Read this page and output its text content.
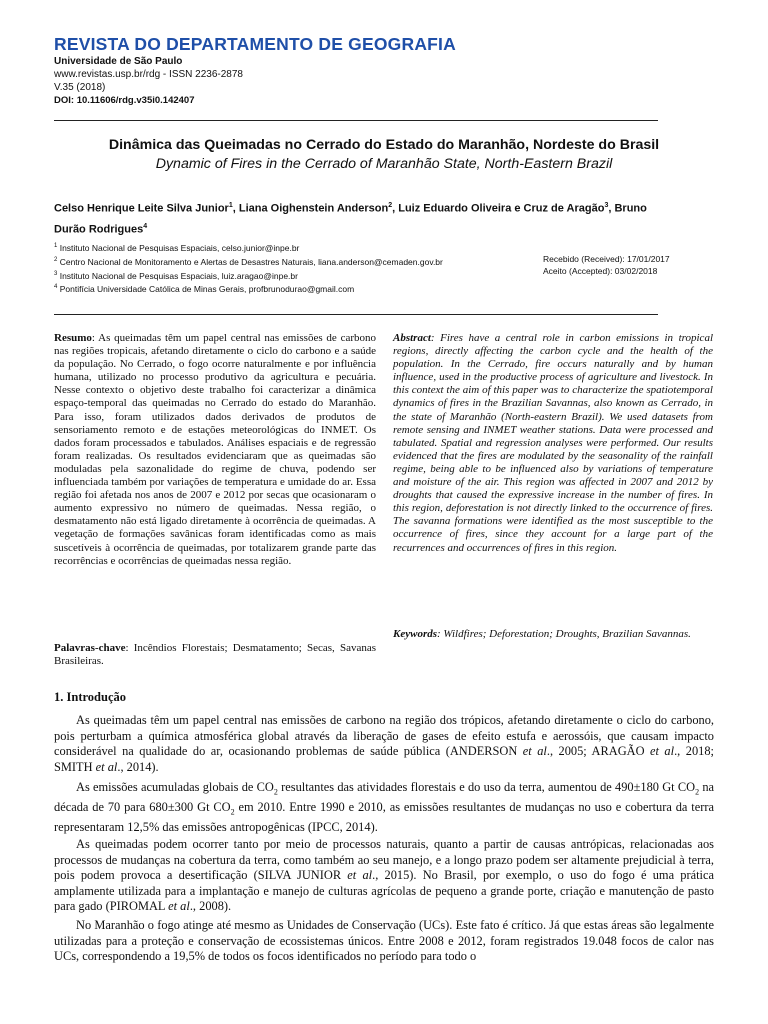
REVISTA DO DEPARTAMENTO DE GEOGRAFIA
Universidade de São Paulo
www.revistas.usp.br/rdg - ISSN 2236-2878
V.35 (2018)
DOI: 10.11606/rdg.v35i0.142407
Dinâmica das Queimadas no Cerrado do Estado do Maranhão, Nordeste do Brasil
Dynamic of Fires in the Cerrado of Maranhão State, North-Eastern Brazil
Celso Henrique Leite Silva Junior$^1$, Liana Oighenstein Anderson$^2$, Luiz Eduardo Oliveira e Cruz de Aragão$^3$, Bruno Durão Rodrigues$^4$
$^1$ Instituto Nacional de Pesquisas Espaciais, celso.junior@inpe.br
$^2$ Centro Nacional de Monitoramento e Alertas de Desastres Naturais, liana.anderson@cemaden.gov.br
$^3$ Instituto Nacional de Pesquisas Espaciais, luiz.aragao@inpe.br
$^4$ Pontifícia Universidade Católica de Minas Gerais, profbrunodurao@gmail.com
Recebido (Received): 17/01/2017
Aceito (Accepted): 03/02/2018

Resumo: As queimadas têm um papel central nas emissões de carbono nas regiões tropicais, afetando diretamente o ciclo do carbono e a saúde da população. No Cerrado, o fogo ocorre naturalmente e por influência humana, utilizado no processo produtivo da agricultura e pecuária. Nesse contexto o objetivo deste trabalho foi caracterizar a dinâmica espaço-temporal das queimadas no Cerrado do estado do Maranhão. Para isso, foram utilizados dados derivados de produtos de sensoriamento remoto e de estações meteorológicas do INMET. Os dados foram processados e tabulados. Análises espaciais e de regressão foram realizadas. Os resultados evidenciaram que as queimadas são moduladas pela sazonalidade do regime de chuva, podendo ser influenciada também por variações de temperatura e umidade do ar. Essa região foi afetada nos anos de 2007 e 2012 por secas que ocasionaram o aumento expressivo no número de queimadas. Nessa região, o desmatamento não está ligado diretamente à ocorrência de queimadas. A vegetação de formações savânicas foram identificadas como as mais suscetíveis à ocorrência de queimadas, por totalizarem grande parte das recorrências e ocorrências de queimadas nessa região.

Palavras-chave: Incêndios Florestais; Desmatamento; Secas, Savanas Brasileiras.

Abstract: Fires have a central role in carbon emissions in tropical regions, directly affecting the carbon cycle and the health of the population. In the Cerrado, fire occurs naturally and by human influence, used in the productive process of agriculture and livestock. In this context the aim of this paper was to characterize the spatiotemporal dynamics of fires in the Brazilian Savannas, also known as Cerrado, in the state of Maranhão (North-eastern Brazil). We used datasets from remote sensing and INMET weather stations. Data were processed and tabulated. Spatial and regression analyses were performed. Our results evidenced that the fires are modulated by the seasonality of the rainfall regime, being able to be influenced also by variations of temperature and moisture of the air. This region was affected in 2007 and 2012 by droughts that caused the expressive increase in the number of fires. In this region, deforestation is not directly linked to the occurrence of fires. The savanna formations were identified as the most susceptible to the occurrence of fires, since they account for a large part of the recurrences and occurrences of fires in this region.

Keywords: Wildfires; Deforestation; Droughts, Brazilian Savannas.
1. Introdução

As queimadas têm um papel central nas emissões de carbono na região dos trópicos, afetando diretamente o ciclo do carbono, pois perturbam a química atmosférica global através da liberação de gases de efeito estufa e aerossóis, que causam impacto considerável na qualidade do ar, ocasionando problemas de saúde pública (ANDERSON et al., 2005; ARAGÃO et al., 2018; SMITH et al., 2014).

As emissões acumuladas globais de $CO_2$ resultantes das atividades florestais e do uso da terra, aumentou de 490±180 Gt $CO_2$ na década de 70 para 680±300 Gt $CO_2$ em 2010. Entre 1990 e 2010, as emissões resultantes de mudanças no uso e cobertura da terra representaram 12,5% das emissões antropogênicas (IPCC, 2014).

As queimadas podem ocorrer tanto por meio de processos naturais, quanto a partir de causas antrópicas, relacionadas aos processos de mudanças na cobertura da terra, como também ao seu manejo, e a longo prazo podem ser altamente prejudicial à terra, pois podem provoca a desertificação (SILVA JUNIOR et al., 2015). No Brasil, por exemplo, o uso do fogo é uma prática amplamente utilizada para a implantação e manejo de culturas agrícolas de pequeno a grande porte, criação e manutenção de pasto para gado (PIROMAL et al., 2008).

No Maranhão o fogo atinge até mesmo as Unidades de Conservação (UCs). Este fato é crítico. Já que estas áreas são legalmente utilizadas para a proteção e conservação de ecossistemas únicos. Entre 2008 e 2012, foram registrados 19.048 focos de calor nas UCs, correspondendo a 19,5% de todos os focos identificados no período para todo o
